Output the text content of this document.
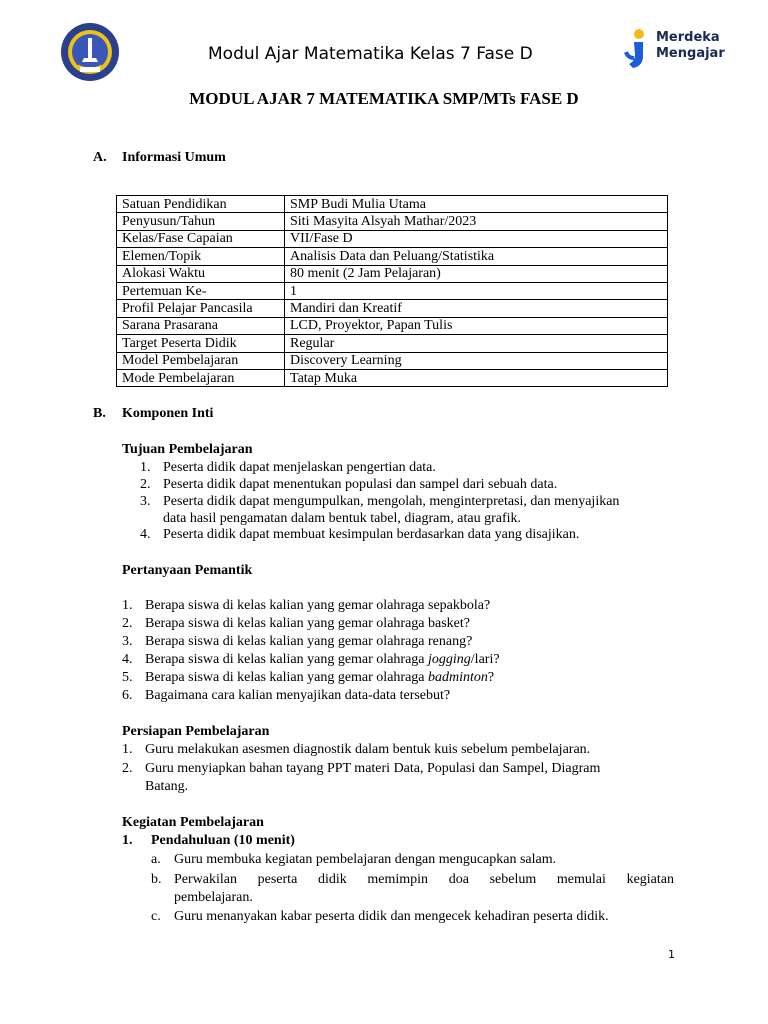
Modul Ajar Matematika Kelas 7 Fase D
Merdeka
Mengajar
MODUL AJAR 7 MATEMATIKA SMP/MTs FASE D
A. Informasi Umum
Satuan Pendidikan	SMP Budi Mulia Utama
Penyusun/Tahun	Siti Masyita Alsyah Mathar/2023
Kelas/Fase Capaian	VII/Fase D
Elemen/Topik	Analisis Data dan Peluang/Statistika
Alokasi Waktu	80 menit (2 Jam Pelajaran)
Pertemuan Ke-	1
Profil Pelajar Pancasila	Mandiri dan Kreatif
Sarana Prasarana	LCD, Proyektor, Papan Tulis
Target Peserta Didik	Regular
Model Pembelajaran	Discovery Learning
Mode Pembelajaran	Tatap Muka
B. Komponen Inti
Tujuan Pembelajaran
1. Peserta didik dapat menjelaskan pengertian data.
2. Peserta didik dapat menentukan populasi dan sampel dari sebuah data.
3. Peserta didik dapat mengumpulkan, mengolah, menginterpretasi, dan menyajikan
data hasil pengamatan dalam bentuk tabel, diagram, atau grafik.
4. Peserta didik dapat membuat kesimpulan berdasarkan data yang disajikan.
Pertanyaan Pemantik
1. Berapa siswa di kelas kalian yang gemar olahraga sepakbola?
2. Berapa siswa di kelas kalian yang gemar olahraga basket?
3. Berapa siswa di kelas kalian yang gemar olahraga renang?
4. Berapa siswa di kelas kalian yang gemar olahraga jogging/lari?
5. Berapa siswa di kelas kalian yang gemar olahraga badminton?
6. Bagaimana cara kalian menyajikan data-data tersebut?
Persiapan Pembelajaran
1. Guru melakukan asesmen diagnostik dalam bentuk kuis sebelum pembelajaran.
2. Guru menyiapkan bahan tayang PPT materi Data, Populasi dan Sampel, Diagram
Batang.
Kegiatan Pembelajaran
1. Pendahuluan (10 menit)
a. Guru membuka kegiatan pembelajaran dengan mengucapkan salam.
b. Perwakilan peserta didik memimpin doa sebelum memulai kegiatan
pembelajaran.
c. Guru menanyakan kabar peserta didik dan mengecek kehadiran peserta didik.
1
